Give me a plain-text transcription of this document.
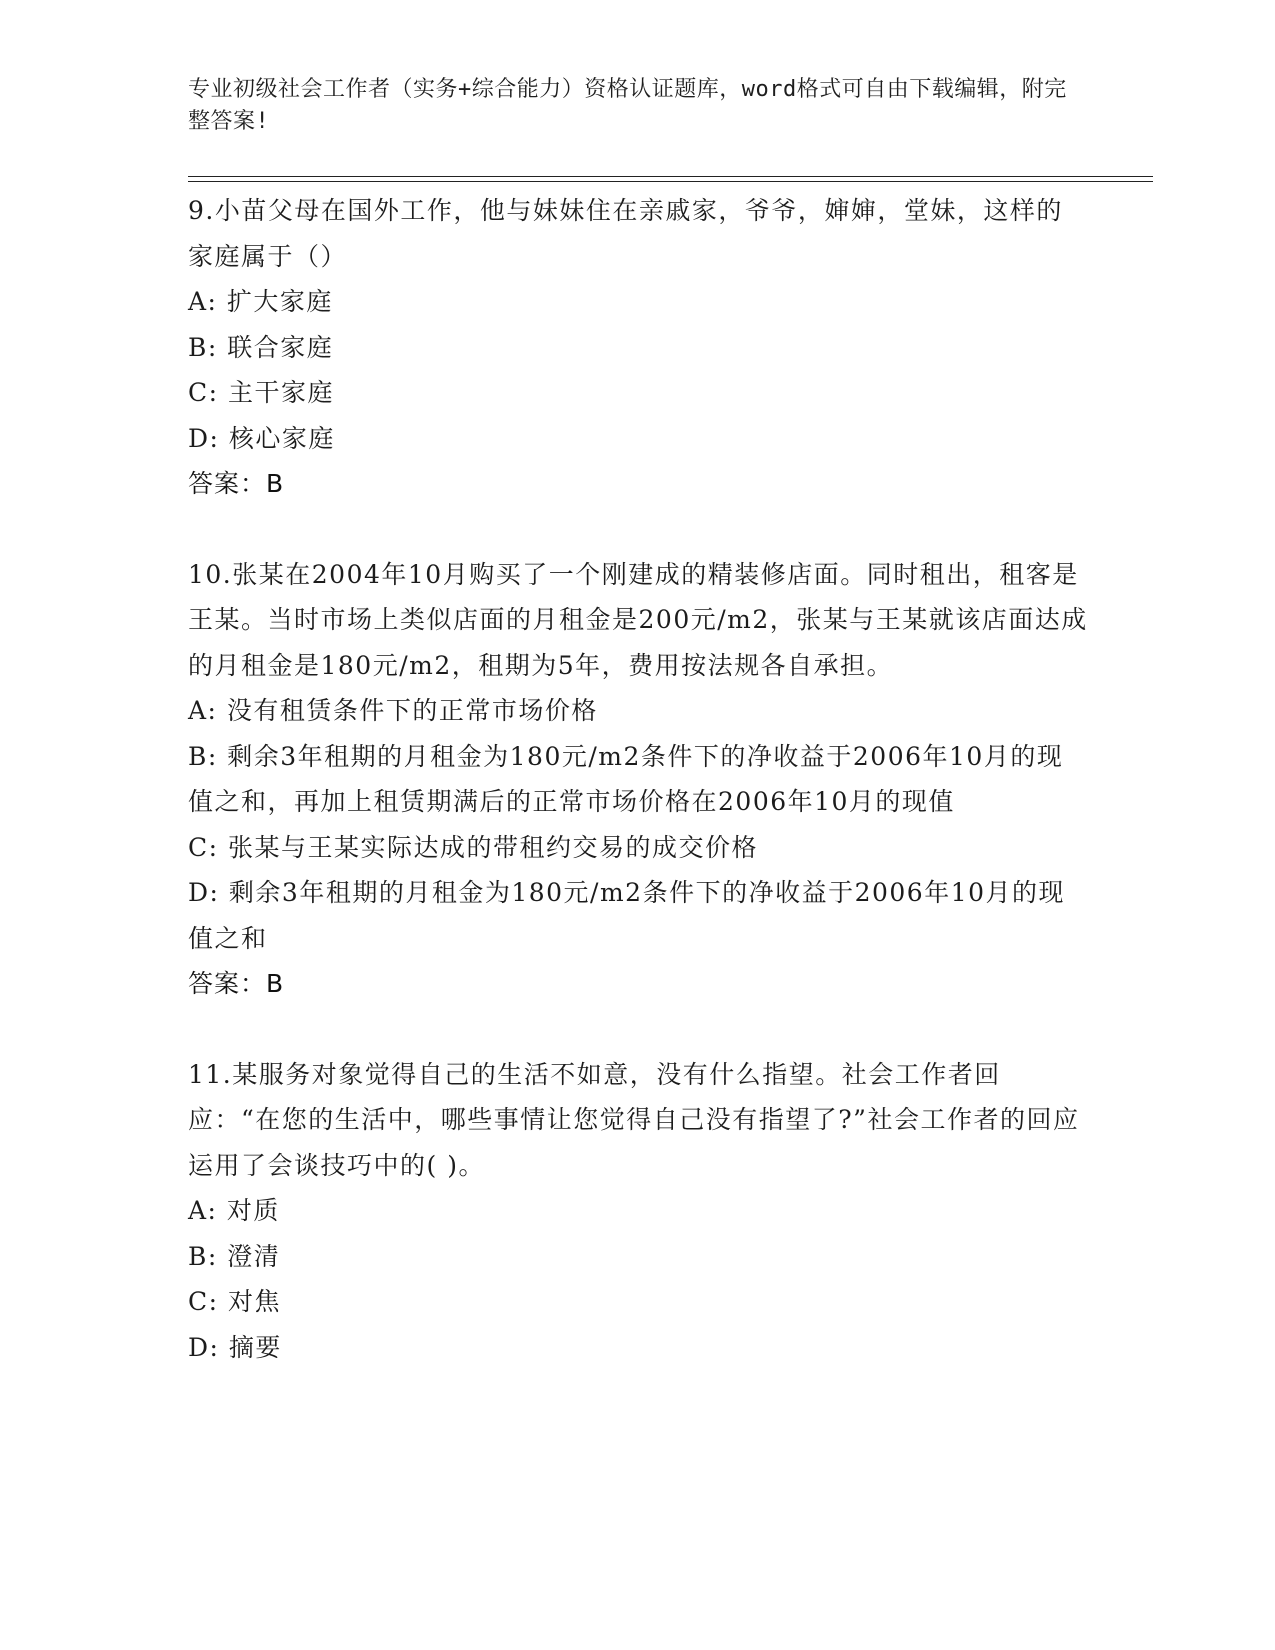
专业初级社会工作者（实务+综合能力）资格认证题库，word格式可自由下载编辑，附完整答案!

9.小苗父母在国外工作，他与妹妹住在亲戚家，爷爷，婶婶，堂妹，这样的家庭属于（）

A: 扩大家庭

B: 联合家庭

C: 主干家庭

D: 核心家庭

答案：B

10.张某在2004年10月购买了一个刚建成的精装修店面。同时租出，租客是王某。当时市场上类似店面的月租金是200元/m2，张某与王某就该店面达成的月租金是180元/m2，租期为5年，费用按法规各自承担。

A: 没有租赁条件下的正常市场价格

B: 剩余3年租期的月租金为180元/m2条件下的净收益于2006年10月的现值之和，再加上租赁期满后的正常市场价格在2006年10月的现值

C: 张某与王某实际达成的带租约交易的成交价格

D: 剩余3年租期的月租金为180元/m2条件下的净收益于2006年10月的现值之和

答案：B

11.某服务对象觉得自己的生活不如意，没有什么指望。社会工作者回应：“在您的生活中，哪些事情让您觉得自己没有指望了?”社会工作者的回应运用了会谈技巧中的( )。

A: 对质

B: 澄清

C: 对焦

D: 摘要
